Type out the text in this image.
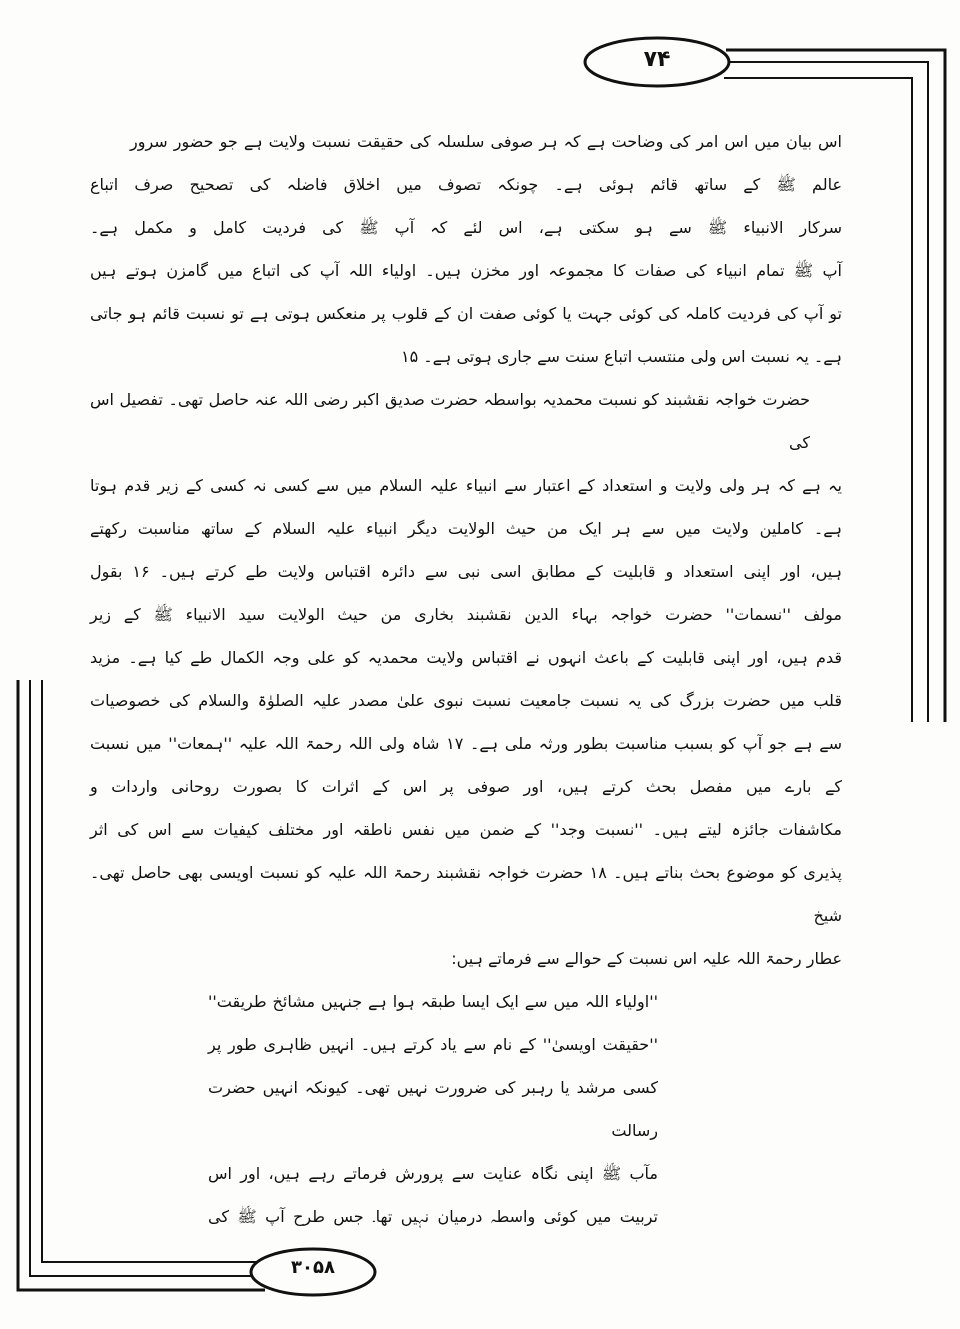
۷۴
۳۰۵۸
اس بیان میں اس امر کی وضاحت ہے کہ ہر صوفی سلسلہ کی حقیقت نسبت ولایت ہے جو حضور سرور
عالم ﷺ کے ساتھ قائم ہوئی ہے۔ چونکہ تصوف میں اخلاق فاضلہ کی تصحیح صرف اتباع
سرکار الانبیاء ﷺ سے ہو سکتی ہے، اس لئے کہ آپ ﷺ کی فردیت کامل و مکمل ہے۔
آپ ﷺ تمام انبیاء کی صفات کا مجموعہ اور مخزن ہیں۔ اولیاء اللہ آپ کی اتباع میں گامزن ہوتے ہیں
تو آپ کی فردیت کاملہ کی کوئی جہت یا کوئی صفت ان کے قلوب پر منعکس ہوتی ہے تو نسبت قائم ہو جاتی
ہے۔ یہ نسبت اس ولی منتسب اتباع سنت سے جاری ہوتی ہے۔ ۱۵
حضرت خواجہ نقشبند کو نسبت محمدیہ بواسطہ حضرت صدیق اکبر رضی اللہ عنہ حاصل تھی۔ تفصیل اس کی
یہ ہے کہ ہر ولی ولایت و استعداد کے اعتبار سے انبیاء علیہ السلام میں سے کسی نہ کسی کے زیر قدم ہوتا
ہے۔ کاملین ولایت میں سے ہر ایک من حیث الولایت دیگر انبیاء علیہ السلام کے ساتھ مناسبت رکھتے
ہیں، اور اپنی استعداد و قابلیت کے مطابق اسی نبی سے دائرہ اقتباس ولایت طے کرتے ہیں۔ ۱۶ بقول
مولف ''نسمات'' حضرت خواجہ بہاء الدین نقشبند بخاری من حیث الولایت سید الانبیاء ﷺ کے زیر
قدم ہیں، اور اپنی قابلیت کے باعث انہوں نے اقتباس ولایت محمدیہ کو علی وجہ الکمال طے کیا ہے۔ مزید
قلب میں حضرت بزرگ کی یہ نسبت جامعیت نسبت نبوی علیٰ مصدر علیہ الصلوٰۃ والسلام کی خصوصیات
سے ہے جو آپ کو بسبب مناسبت بطور ورثہ ملی ہے۔ ۱۷ شاہ ولی اللہ رحمۃ اللہ علیہ ''ہمعات'' میں نسبت
کے بارے میں مفصل بحث کرتے ہیں، اور صوفی پر اس کے اثرات کا بصورت روحانی واردات و
مکاشفات جائزہ لیتے ہیں۔ ''نسبت وجد'' کے ضمن میں نفس ناطقہ اور مختلف کیفیات سے اس کی اثر
پذیری کو موضوع بحث بناتے ہیں۔ ۱۸ حضرت خواجہ نقشبند رحمۃ اللہ علیہ کو نسبت اویسی بھی حاصل تھی۔ شیخ
عطار رحمۃ اللہ علیہ اس نسبت کے حوالے سے فرماتے ہیں:
''اولیاء اللہ میں سے ایک ایسا طبقہ ہوا ہے جنہیں مشائخ طریقت''
''حقیقت اویسیٰ'' کے نام سے یاد کرتے ہیں۔ انہیں ظاہری طور پر
کسی مرشد یا رہبر کی ضرورت نہیں تھی۔ کیونکہ انہیں حضرت رسالت
مآب ﷺ اپنی نگاہ عنایت سے پرورش فرماتے رہے ہیں، اور اس
تربیت میں کوئی واسطہ درمیان نہیں تھا۔ جس طرح آپ ﷺ کی
